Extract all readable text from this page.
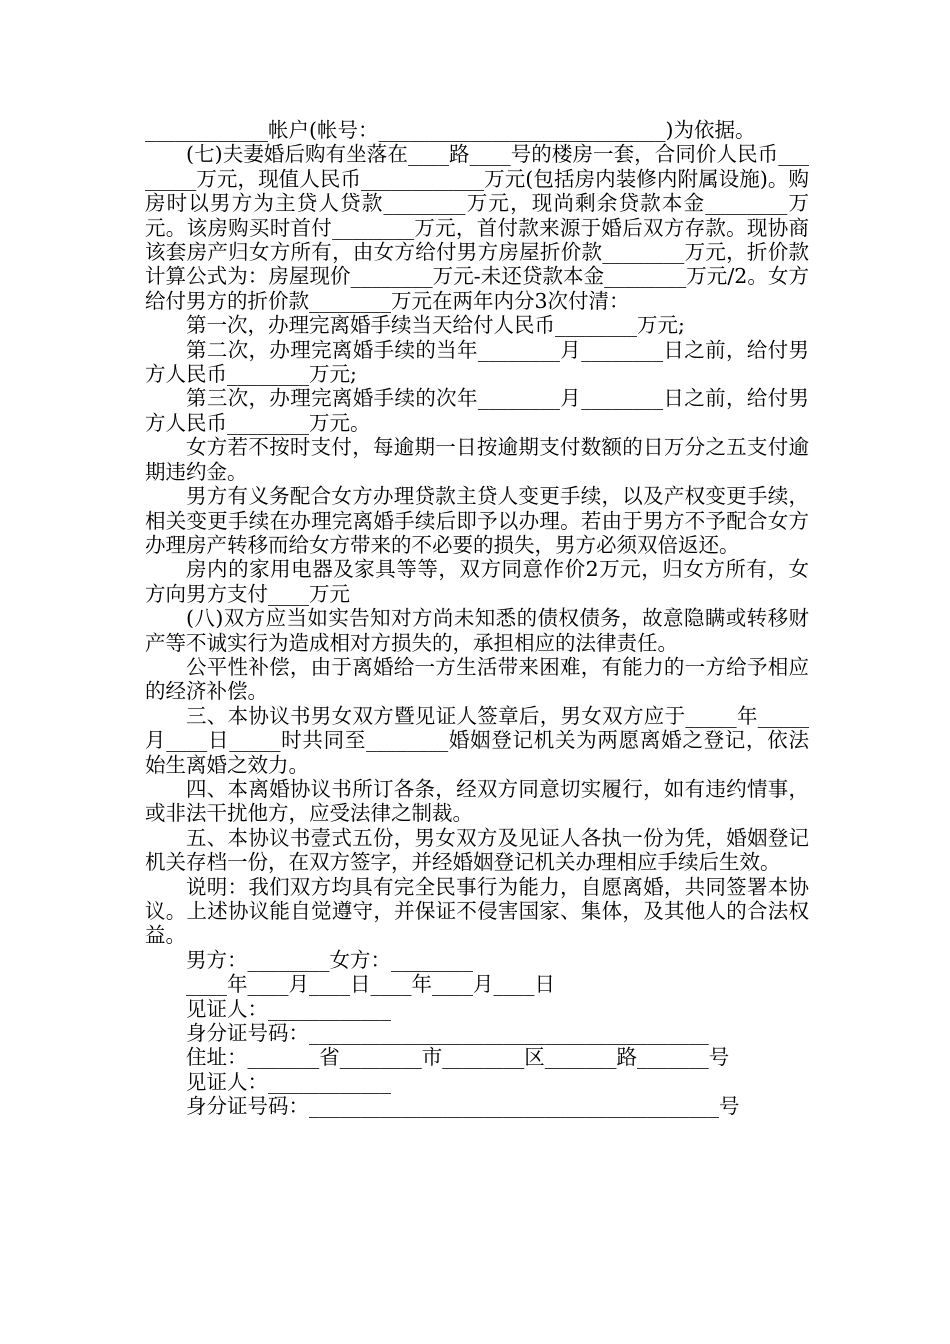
____________帐户(帐号：____________________________)为依据。

(七)夫妻婚后购有坐落在____路____号的楼房一套，合同价人民币________万元，现值人民币____________万元(包括房内装修内附属设施)。购房时以男方为主贷人贷款________万元，现尚剩余贷款本金________万元。该房购买时首付________万元，首付款来源于婚后双方存款。现协商该套房产归女方所有，由女方给付男方房屋折价款________万元，折价款计算公式为：房屋现价________万元-未还贷款本金________万元/2。女方给付男方的折价款________万元在两年内分3次付清：

第一次，办理完离婚手续当天给付人民币________万元;

第二次，办理完离婚手续的当年________月________日之前，给付男方人民币________万元;

第三次，办理完离婚手续的次年________月________日之前，给付男方人民币________万元。

女方若不按时支付，每逾期一日按逾期支付数额的日万分之五支付逾期违约金。

男方有义务配合女方办理贷款主贷人变更手续，以及产权变更手续，相关变更手续在办理完离婚手续后即予以办理。若由于男方不予配合女方办理房产转移而给女方带来的不必要的损失，男方必须双倍返还。

房内的家用电器及家具等等，双方同意作价2万元，归女方所有，女方向男方支付____万元

(八)双方应当如实告知对方尚未知悉的债权债务，故意隐瞒或转移财产等不诚实行为造成相对方损失的，承担相应的法律责任。

公平性补偿，由于离婚给一方生活带来困难，有能力的一方给予相应的经济补偿。

三、本协议书男女双方暨见证人签章后，男女双方应于_____年_____月____日_____时共同至________婚姻登记机关为两愿离婚之登记，依法始生离婚之效力。

四、本离婚协议书所订各条，经双方同意切实履行，如有违约情事，或非法干扰他方，应受法律之制裁。

五、本协议书壹式五份，男女双方及见证人各执一份为凭，婚姻登记机关存档一份，在双方签字，并经婚姻登记机关办理相应手续后生效。

说明：我们双方均具有完全民事行为能力，自愿离婚，共同签署本协议。上述协议能自觉遵守，并保证不侵害国家、集体，及其他人的合法权益。

男方：________女方：________

____年____月____日____年____月____日

见证人：____________

身分证号码：_______________________________________

住址：_______省________市________区_______路_______号

见证人：____________

身分证号码：________________________________________号
